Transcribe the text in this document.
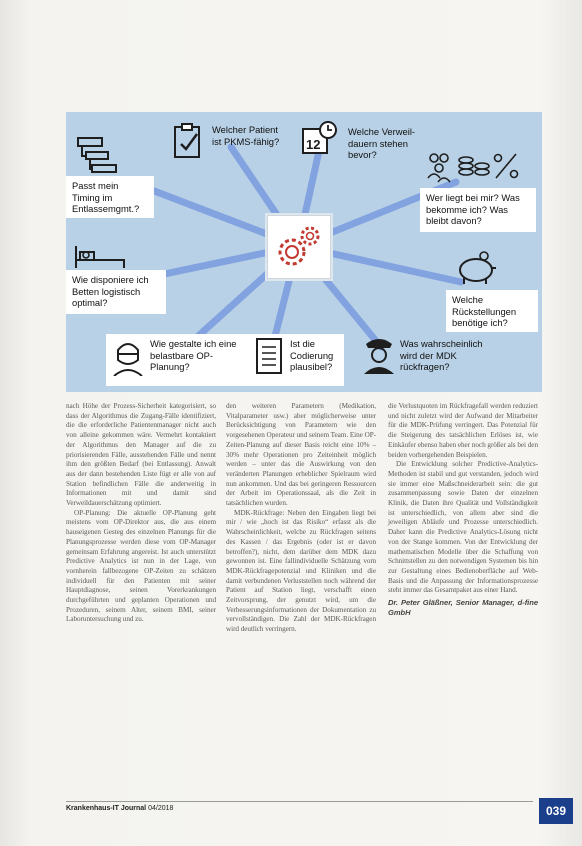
Passt mein Timing im Entlassemgmt.?
Welcher Patient ist PKMS-fähig?	12
Welche Verweil-dauern stehen bevor?
Wer liegt bei mir? Was bekomme ich? Was bleibt davon?
Wie disponiere ich Betten logistisch optimal?	Welche Rückstellungen benötige ich?
Wie gestalte ich eine belastbare OP-Planung?
Ist die Codierung plausibel?
Was wahrscheinlich wird der MDK rückfragen?

nach Höhe der Prozess-Sicherheit kategorisiert, so dass der Algorithmus die Zugang-Fälle identifiziert, die die erforderliche Patientenmanager nicht auch von alleine gekommen wäre. Vermehrt kontaktiert der Algorithmus den Manager auf die zu priorisierenden Fälle, ausstehenden Fälle und nennt ihm den größten Bedarf (bei Entlassung). Anwalt aus der dann bestehenden Liste fügt er alle von auf Station befindlichen Fälle die anderweitig in Informationen mit und damit sind Verweildauerschätzung optimiert.

OP-Planung: Die aktuelle OP-Planung geht meistens vom OP-Direktor aus, die aus einem hauseigenen Gesteg des einzelnen Planungs für die Planungsprozesse werden diese vom OP-Manager gemeinsam Erfahrung angereist. Ist auch unterstützt Predictive Analytics ist nun in der Lage, von vornherein fallbezogene OP-Zeiten zu schätzen individuell für den Patienten mit seiner Hauptdiagnose, seinen Vorerkrankungen durchgeführten und geplanten Operationen und Prozeduren, seinem Alter, seinem BMI, seiner Laboruntersuchung und zu.

den weiteren Parametern (Medikation, Vitalparameter usw.) aber möglicherweise unter Berücksichtigung von Parametern wie den vorgesehenen Operateur und seinem Team. Eine OP-Zeiten-Planung auf dieser Basis reicht eine 10% – 30% mehr Operationen pro Zeiteinheit möglich werden – unter das die Auswirkung von den veränderten Planungen erheblicher Spielraum wird nun ankommen. Und das bei geringeren Ressourcen der Arbeit im Operationssaal, als die Zeit in tatsächlichen wurden.

MDK-Rückfrage: Neben den Eingaben liegt bei mir / wie „hoch ist das Risiko“ erfasst als die Wahrscheinlichkeit, welche zu Rückfragen seitens des Kassen / das Ergebnis (oder ist er davon betroffen?), nicht, dem darüber dem MDK dazu gewonnen ist. Eine fallindividuelle Schätzung vom MDK-Rückfragepotenzial und Kliniken und die damit verbundenen Verluststellen noch während der Patient auf Station liegt, verschafft einen Zeitvorsprung, der genutzt wird, um die Verbesserungsinformationen der Dokumentation zu vervollständigen. Die Zahl der MDK-Rückfragen wird deutlich verringern.

die Verlustquoten im Rückfragefall werden reduziert und nicht zuletzt wird der Aufwand der Mitarbeiter für die MDK-Prüfung verringert. Das Potenzial für die Steigerung des tatsächlichen Erlöses ist, wie Einkäufer ebenso haben eher noch größer als bei den beiden vorhergehenden Beispielen.

Die Entwicklung solcher Predictive-Analytics-Methoden ist stabil und gut verstanden, jedoch wird sie immer eine Maßschneiderarbeit sein: die gut zusammenpassung sowie Daten der einzelnen Klinik, die Daten ihre Qualität und Vollständigkeit ist unterschiedlich, von allem aber sind die jeweiligen Abläufe und Prozesse unterschiedlich. Daher kann die Predictive Analytics-Lösung nicht von der Stange kommen. Von der Entwicklung der mathematischen Modelle über die Schaffung von Schnittstellen zu den notwendigen Systemen bis hin zur Gestaltung eines Bedienoberfläche auf Web-Basis und die Anpassung der Informationsprozesse steht immer das Gesamtpaket aus einer Hand.

Dr. Peter Gläßner, Senior Manager, d-fine GmbH
Krankenhaus-IT Journal 04/2018	039
